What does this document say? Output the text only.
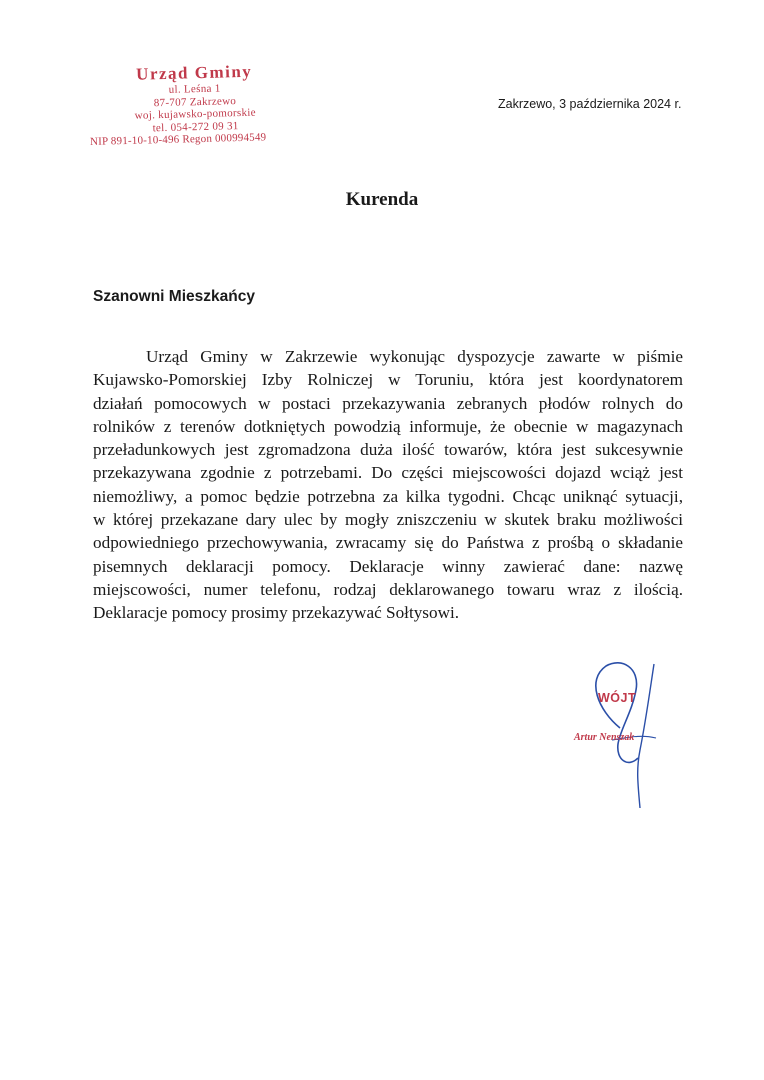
Urząd Gminy
ul. Leśna 1
87-707 Zakrzewo
woj. kujawsko-pomorskie
tel. 054-272 09 31
NIP 891-10-10-496 Regon 000994549
Zakrzewo, 3 października 2024 r.
Kurenda
Szanowni Mieszkańcy
Urząd Gminy w Zakrzewie wykonując dyspozycje zawarte w piśmie
Kujawsko-Pomorskiej Izby Rolniczej w Toruniu, która jest koordynatorem
działań pomocowych w postaci przekazywania zebranych płodów rolnych do
rolników z terenów dotkniętych powodzią informuje, że obecnie w magazynach
przeładunkowych jest zgromadzona duża ilość towarów, która jest sukcesywnie
przekazywana zgodnie z potrzebami. Do części miejscowości dojazd wciąż jest
niemożliwy, a pomoc będzie potrzebna za kilka tygodni. Chcąc uniknąć sytuacji,
w której przekazane dary ulec by mogły zniszczeniu w skutek braku możliwości
odpowiedniego przechowywania, zwracamy się do Państwa z prośbą o składanie
pisemnych deklaracji pomocy. Deklaracje winny zawierać dane: nazwę
miejscowości, numer telefonu, rodzaj deklarowanego towaru wraz z ilością.
Deklaracje pomocy prosimy przekazywać Sołtysowi.
WÓJT
Artur Nenszak
